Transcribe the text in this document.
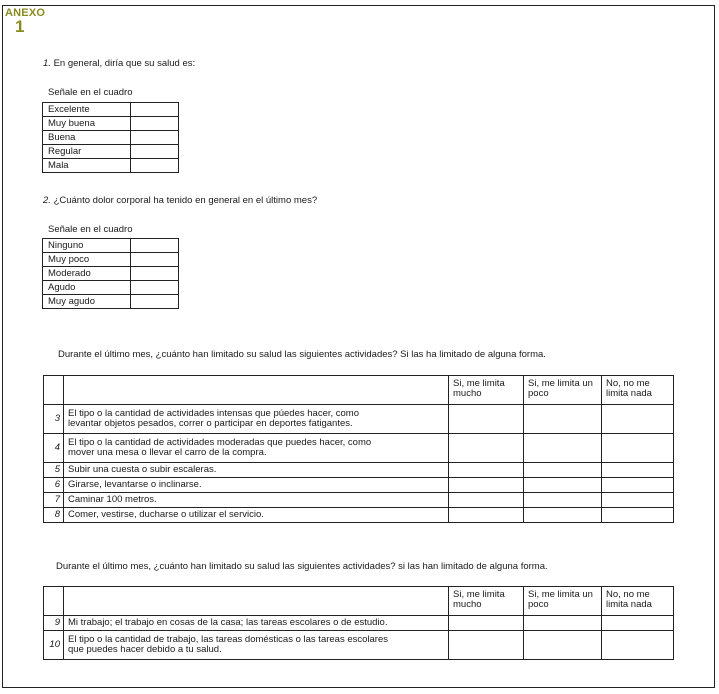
ANEXO
1
1. En general, diría que su salud es:
Señale en el cuadro
Excelente	
Muy buena	
Buena	
Regular	
Mala	
2. ¿Cuánto dolor corporal ha tenido en general en el último mes?
Señale en el cuadro
Ninguno	
Muy poco	
Moderado	
Agudo	
Muy agudo	
Durante el último mes, ¿cuánto han limitado su salud las siguientes actividades? Si las ha limitado de alguna forma.
		Si, me limita mucho	Si, me limita un poco	No, no me limita nada
3	El tipo o la cantidad de actividades intensas que púedes hacer, como
levantar objetos pesados, correr o participar en deportes fatigantes.			

4	El tipo o la cantidad de actividades moderadas que puedes hacer, como
mover una mesa o llevar el carro de la compra.			

5	Subir una cuesta o subir escaleras.			

6	Girarse, levantarse o inclinarse.			

7	Caminar 100 metros.			

8	Comer, vestirse, ducharse o utilizar el servicio.			

Durante el último mes, ¿cuánto han limitado su salud las siguientes actividades? si las han limitado de alguna forma.
		Si, me limita mucho	Si, me limita un poco	No, no me limita nada
9	Mi trabajo; el trabajo en cosas de la casa; las tareas escolares o de estudio.			

10	El tipo o la cantidad de trabajo, las tareas domésticas o las tareas escolares
que puedes hacer debido a tu salud.			
